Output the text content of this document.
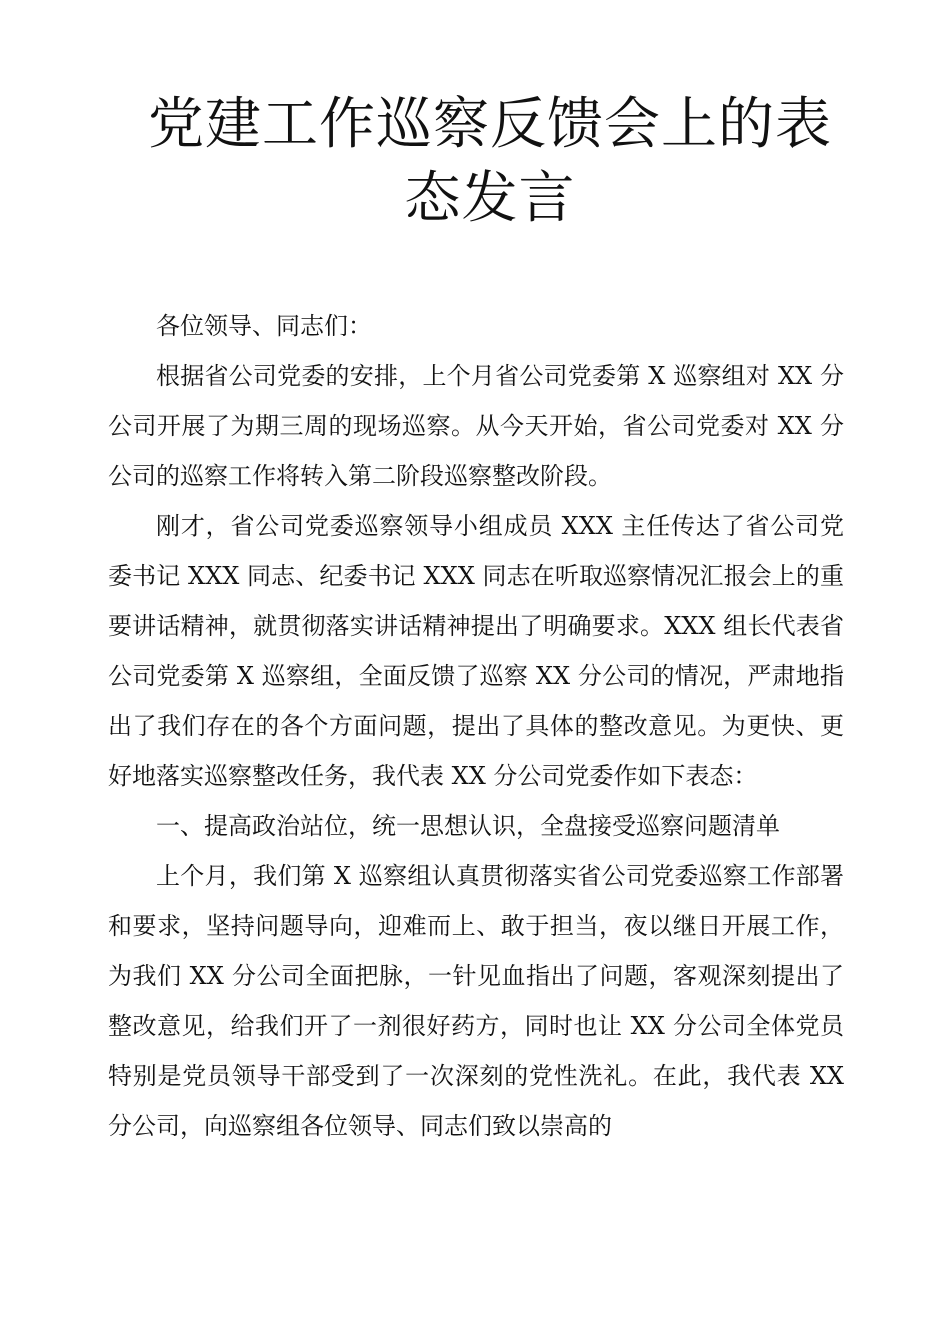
党建工作巡察反馈会上的表态发言

各位领导、同志们：

根据省公司党委的安排，上个月省公司党委第 X 巡察组对 XX 分公司开展了为期三周的现场巡察。从今天开始，省公司党委对 XX 分公司的巡察工作将转入第二阶段巡察整改阶段。

刚才，省公司党委巡察领导小组成员 XXX 主任传达了省公司党委书记 XXX 同志、纪委书记 XXX 同志在听取巡察情况汇报会上的重要讲话精神，就贯彻落实讲话精神提出了明确要求。XXX 组长代表省公司党委第 X 巡察组，全面反馈了巡察 XX 分公司的情况，严肃地指出了我们存在的各个方面问题，提出了具体的整改意见。为更快、更好地落实巡察整改任务，我代表 XX 分公司党委作如下表态：

一、提高政治站位，统一思想认识，全盘接受巡察问题清单

上个月，我们第 X 巡察组认真贯彻落实省公司党委巡察工作部署和要求，坚持问题导向，迎难而上、敢于担当，夜以继日开展工作，为我们 XX 分公司全面把脉，一针见血指出了问题，客观深刻提出了整改意见，给我们开了一剂很好药方，同时也让 XX 分公司全体党员特别是党员领导干部受到了一次深刻的党性洗礼。在此，我代表 XX 分公司，向巡察组各位领导、同志们致以崇高的
